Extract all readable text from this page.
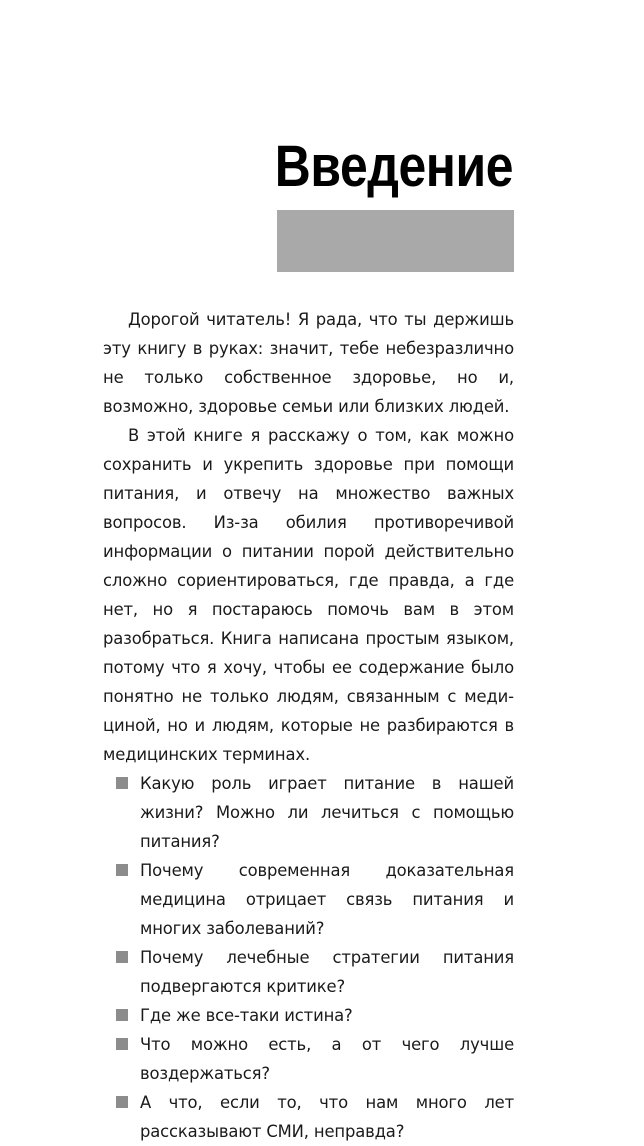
Введение

Дорогой читатель! Я рада, что ты держишь эту книгу в руках: значит, тебе небезразлично не только собственное здоровье, но и, возможно, здоровье семьи или близких людей.

В этой книге я расскажу о том, как можно сохранить и укрепить здоровье при помощи питания, и отвечу на множество важных вопросов. Из-за обилия противоречивой информации о питании порой действительно сложно сориентироваться, где правда, а где нет, но я постараюсь помочь вам в этом разобраться. Книга написана простым языком, потому что я хочу, чтобы ее содержание было понятно не только людям, связанным с медициной, но и людям, которые не разбираются в медицинских терминах.

Какую роль играет питание в нашей жизни? Можно ли лечиться с помощью питания?
Почему современная доказательная медицина отрицает связь питания и многих заболеваний?
Почему лечебные стратегии питания подвергаются критике?
Где же все-таки истина?
Что можно есть, а от чего лучше воздержаться?
А что, если то, что нам много лет рассказывают СМИ, неправда?
